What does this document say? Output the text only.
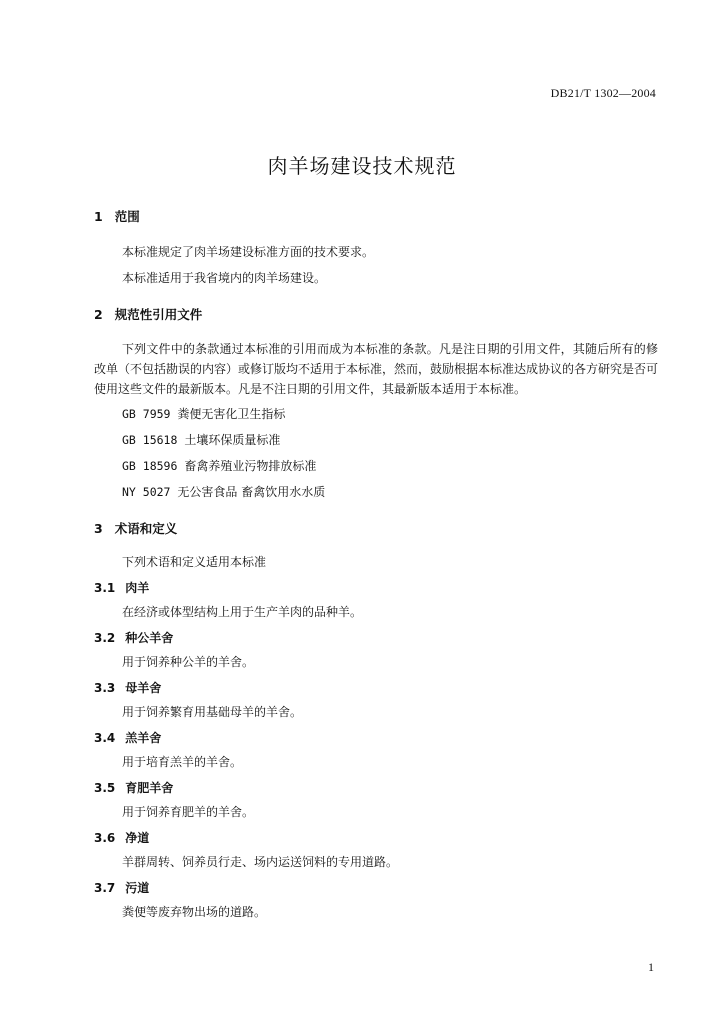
DB21/T 1302—2004
肉羊场建设技术规范
1 范围
本标准规定了肉羊场建设标准方面的技术要求。
本标准适用于我省境内的肉羊场建设。
2 规范性引用文件
下列文件中的条款通过本标准的引用而成为本标准的条款。凡是注日期的引用文件，其随后所有的修改单（不包括勘误的内容）或修订版均不适用于本标准，然而，鼓励根据本标准达成协议的各方研究是否可使用这些文件的最新版本。凡是不注日期的引用文件，其最新版本适用于本标准。
GB 7959 粪便无害化卫生指标
GB 15618 土壤环保质量标准
GB 18596 畜禽养殖业污物排放标准
NY 5027 无公害食品 畜禽饮用水水质
3 术语和定义
下列术语和定义适用本标准
3.1 肉羊
在经济或体型结构上用于生产羊肉的品种羊。
3.2 种公羊舍
用于饲养种公羊的羊舍。
3.3 母羊舍
用于饲养繁育用基础母羊的羊舍。
3.4 羔羊舍
用于培育羔羊的羊舍。
3.5 育肥羊舍
用于饲养育肥羊的羊舍。
3.6 净道
羊群周转、饲养员行走、场内运送饲料的专用道路。
3.7 污道
粪便等废弃物出场的道路。
1
